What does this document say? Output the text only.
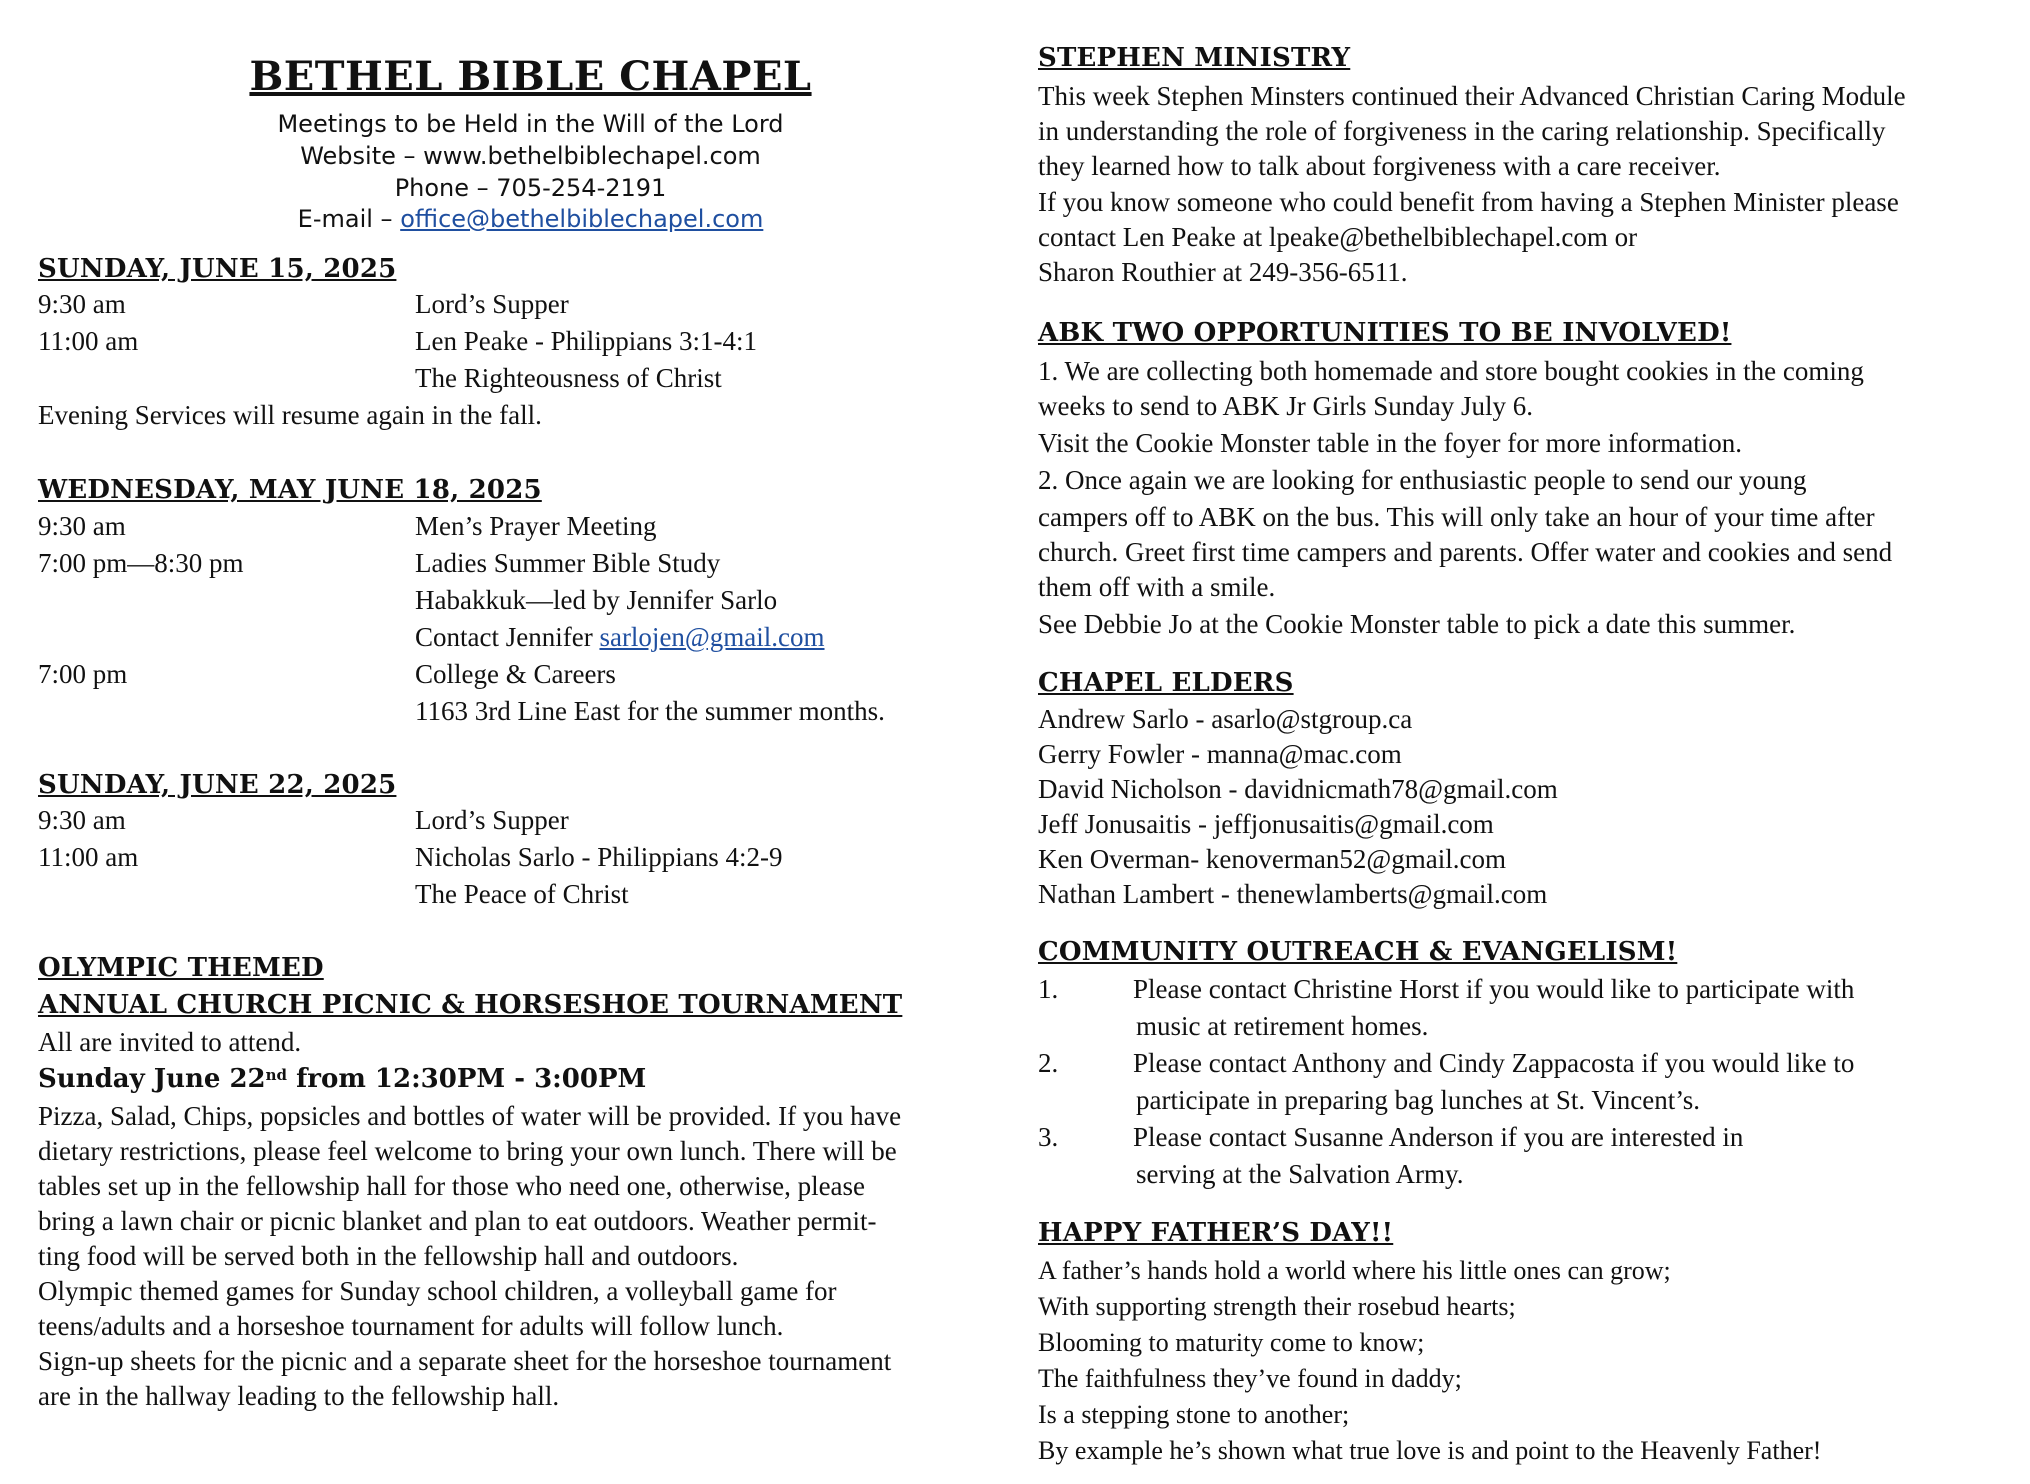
BETHEL BIBLE CHAPEL
Meetings to be Held in the Will of the Lord
Website – www.bethelbiblechapel.com
Phone – 705-254-2191
E-mail – office@bethelbiblechapel.com
SUNDAY, JUNE 15, 2025
9:30 am	Lord’s Supper
11:00 am	Len Peake - Philippians 3:1-4:1
The Righteousness of Christ
Evening Services will resume again in the fall.
WEDNESDAY, MAY JUNE 18, 2025
9:30 am	Men’s Prayer Meeting
7:00 pm—8:30 pm	Ladies Summer Bible Study
Habakkuk—led by Jennifer Sarlo
Contact Jennifer sarlojen@gmail.com
7:00 pm	College & Careers
1163 3rd Line East for the summer months.
SUNDAY, JUNE 22, 2025
9:30 am	Lord’s Supper
11:00 am	Nicholas Sarlo - Philippians 4:2-9
The Peace of Christ
OLYMPIC THEMED
ANNUAL CHURCH PICNIC & HORSESHOE TOURNAMENT
All are invited to attend.
Sunday June 22nd from 12:30PM - 3:00PM
Pizza, Salad, Chips, popsicles and bottles of water will be provided. If you have
dietary restrictions, please feel welcome to bring your own lunch. There will be
tables set up in the fellowship hall for those who need one, otherwise, please
bring a lawn chair or picnic blanket and plan to eat outdoors. Weather permit-
ting food will be served both in the fellowship hall and outdoors.
Olympic themed games for Sunday school children, a volleyball game for
teens/adults and a horseshoe tournament for adults will follow lunch.
Sign-up sheets for the picnic and a separate sheet for the horseshoe tournament
are in the hallway leading to the fellowship hall.
STEPHEN MINISTRY
This week Stephen Minsters continued their Advanced Christian Caring Module
in understanding the role of forgiveness in the caring relationship. Specifically
they learned how to talk about forgiveness with a care receiver.
If you know someone who could benefit from having a Stephen Minister please
contact Len Peake at lpeake@bethelbiblechapel.com or
Sharon Routhier at 249-356-6511.
ABK TWO OPPORTUNITIES TO BE INVOLVED!
1. We are collecting both homemade and store bought cookies in the coming
weeks to send to ABK Jr Girls Sunday July 6.
Visit the Cookie Monster table in the foyer for more information.
2. Once again we are looking for enthusiastic people to send our young
campers off to ABK on the bus. This will only take an hour of your time after
church. Greet first time campers and parents. Offer water and cookies and send
them off with a smile.
See Debbie Jo at the Cookie Monster table to pick a date this summer.
CHAPEL ELDERS
Andrew Sarlo - asarlo@stgroup.ca
Gerry Fowler - manna@mac.com
David Nicholson - davidnicmath78@gmail.com
Jeff Jonusaitis - jeffjonusaitis@gmail.com
Ken Overman- kenoverman52@gmail.com
Nathan Lambert - thenewlamberts@gmail.com
COMMUNITY OUTREACH & EVANGELISM!
1.	Please contact Christine Horst if you would like to participate with
music at retirement homes.
2.	Please contact Anthony and Cindy Zappacosta if you would like to
participate in preparing bag lunches at St. Vincent’s.
3.	Please contact Susanne Anderson if you are interested in
serving at the Salvation Army.
HAPPY FATHER’S DAY!!
A father’s hands hold a world where his little ones can grow;
With supporting strength their rosebud hearts;
Blooming to maturity come to know;
The faithfulness they’ve found in daddy;
Is a stepping stone to another;
By example he’s shown what true love is and point to the Heavenly Father!
